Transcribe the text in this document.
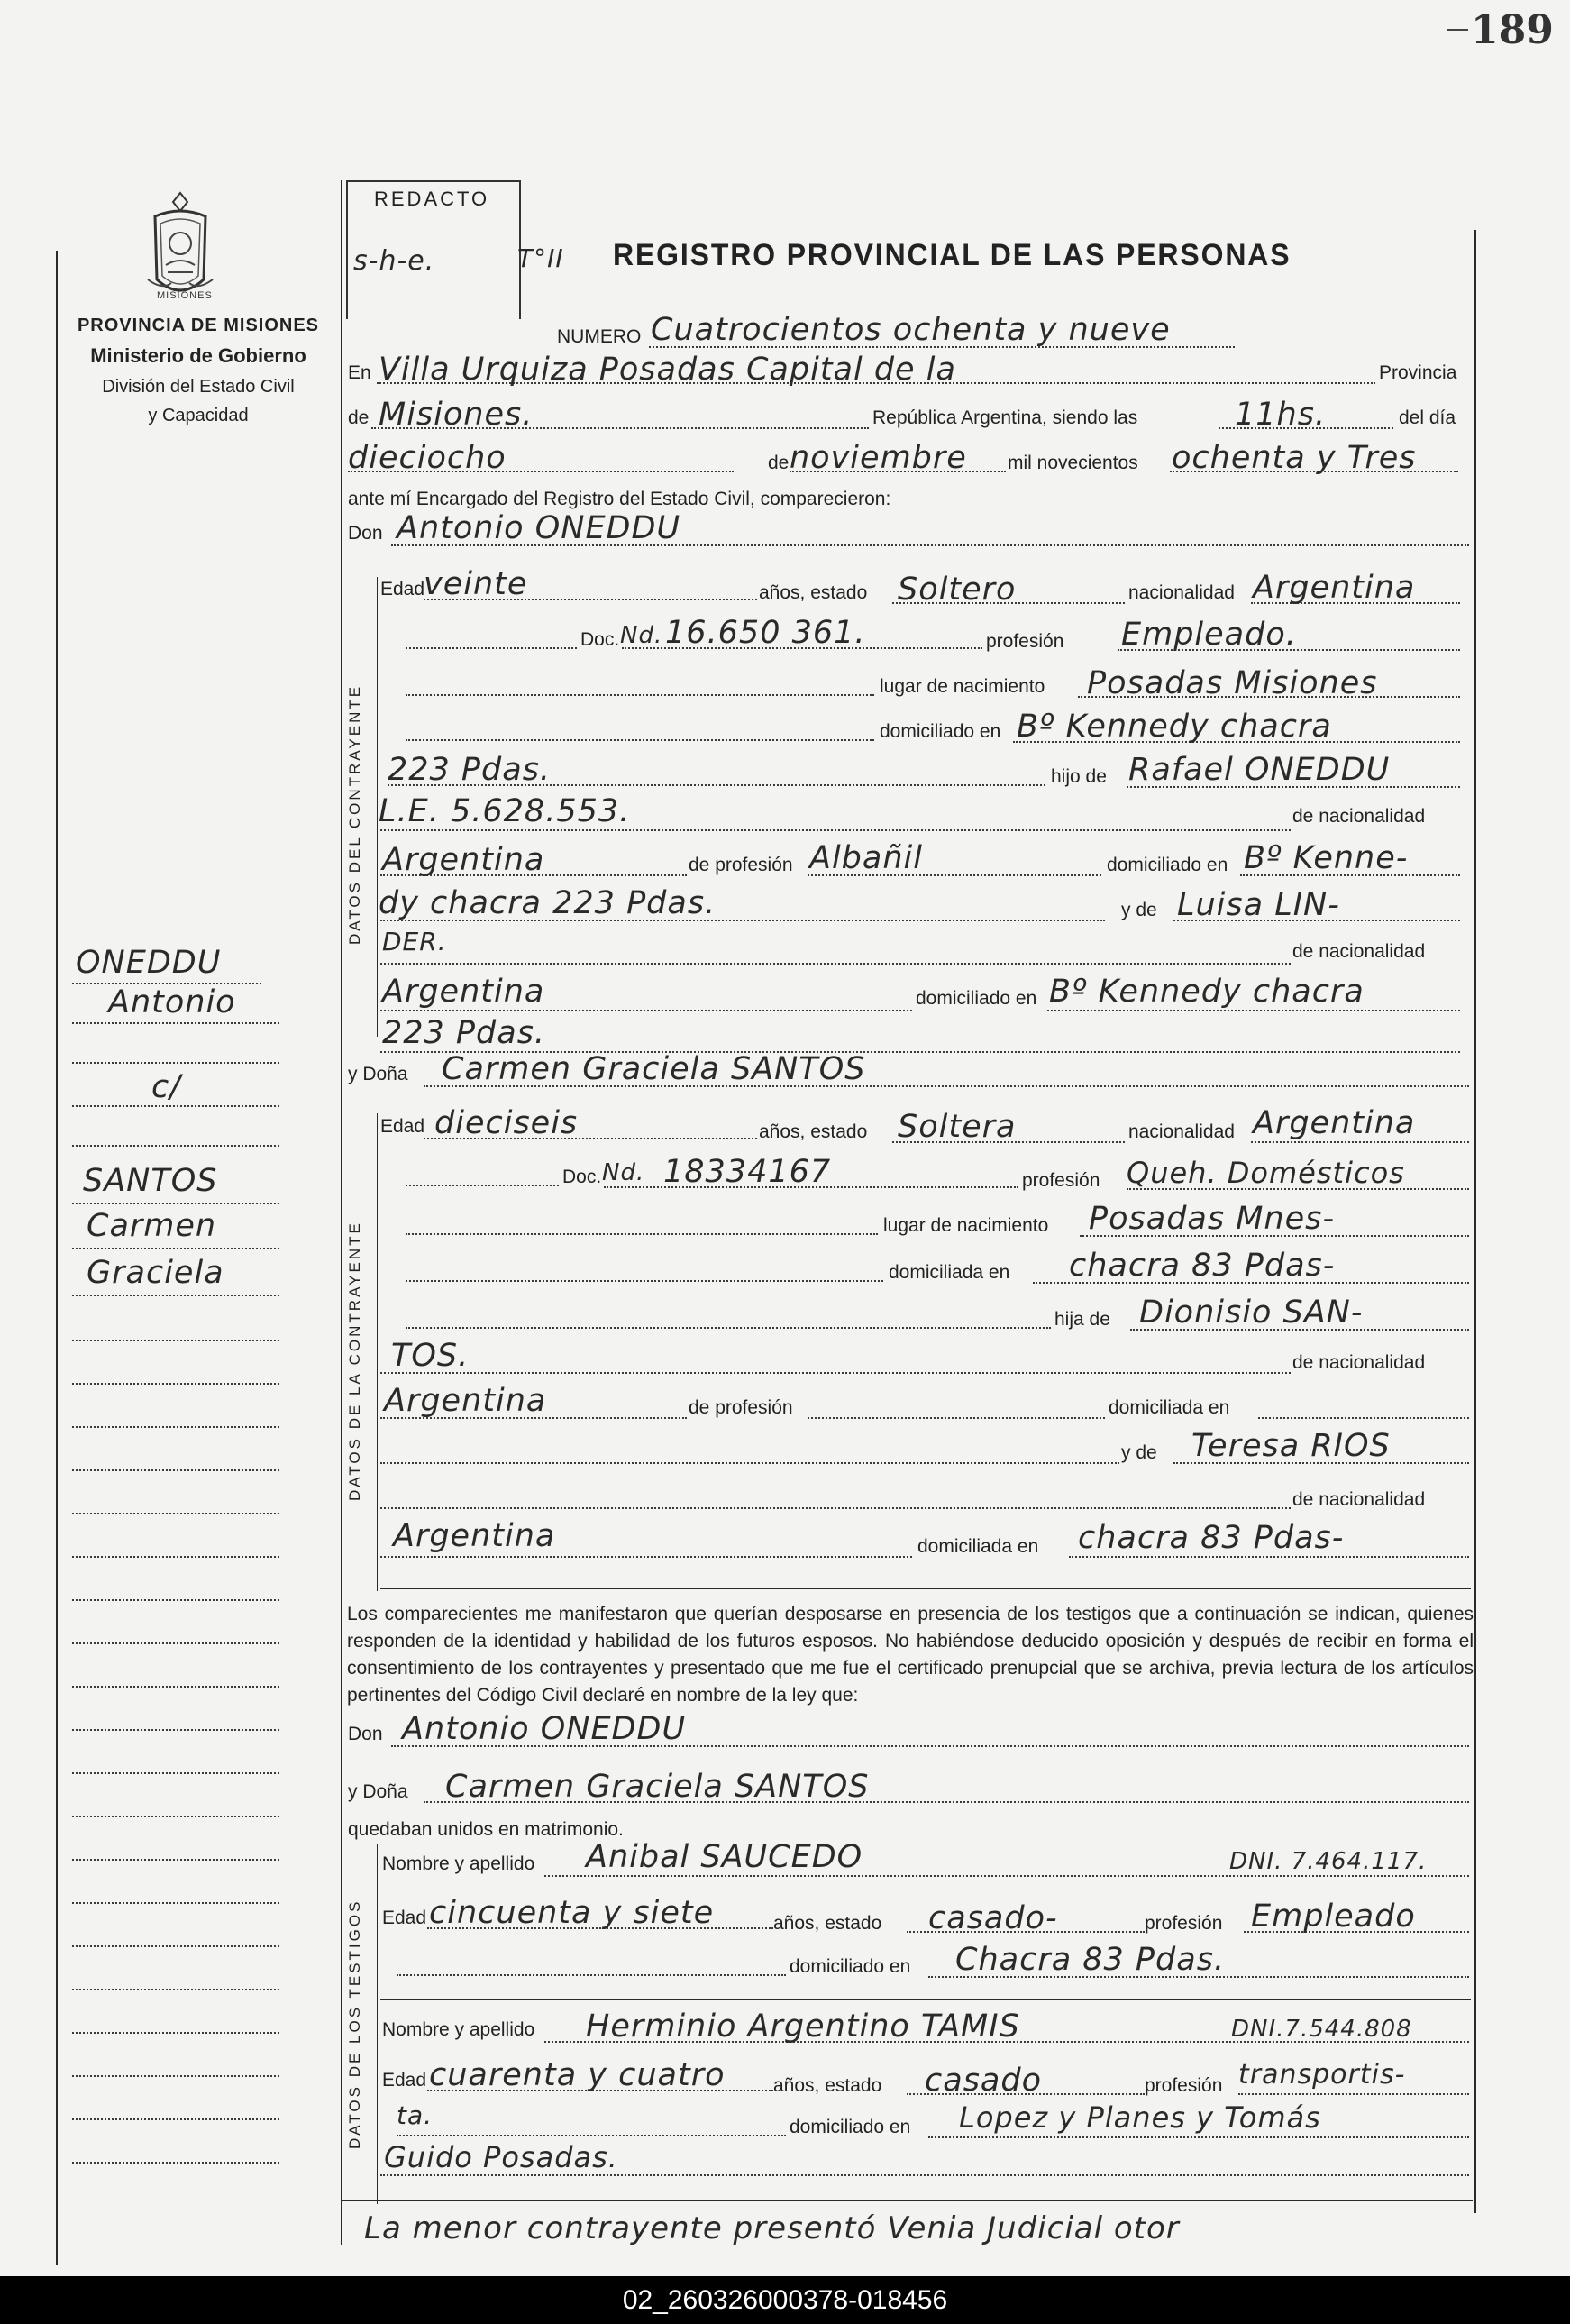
189
MISIONES
PROVINCIA DE MISIONES
Ministerio de Gobierno
División del Estado Civil
y Capacidad
REDACTO
s-h-e.	T°II REGISTRO PROVINCIAL DE LAS PERSONAS
ONEDDU
Antonio
c/
SANTOS
Carmen
Graciela
DATOS DEL CONTRAYENTE
DATOS DE LA CONTRAYENTE
DATOS DE LOS TESTIGOS
NUMERO Cuatrocientos ochenta y nueve
En Villa Urquiza Posadas Capital de la	Provincia
de Misiones.	República Argentina, siendo las	11hs.	del día
dieciocho	de noviembre mil novecientos ochenta y Tres
ante mí Encargado del Registro del Estado Civil, comparecieron:
Don Antonio ONEDDU
Edad
veinte	años, estado Soltero	nacionalidad Argentina
Doc. Nd. 16.650 361.	profesión Empleado.
lugar de nacimiento Posadas Misiones
domiciliado en Bº Kennedy chacra
223 Pdas.	hijo de Rafael ONEDDU
L.E. 5.628.553.	de nacionalidad
Argentina	de profesión Albañil	domiciliado en Bº Kenne-
dy chacra 223 Pdas.	y de Luisa LIN-
DER.	de nacionalidad
Argentina	domiciliado en Bº Kennedy chacra
223 Pdas.
y Doña Carmen Graciela SANTOS
Edad dieciseis	años, estado Soltera	nacionalidad Argentina
Doc. Nd. 18334167	profesión Queh. Domésticos
lugar de nacimiento Posadas Mnes-
domiciliada en chacra 83 Pdas-
hija de Dionisio SAN-
TOS.	de nacionalidad
Argentina	de profesión	domiciliada en
y de Teresa RIOS
de nacionalidad
Argentina	domiciliada en chacra 83 Pdas-
Los comparecientes me manifestaron que querían desposarse en presencia de los testigos que a continuación se indican, quienes responden de la identidad y habilidad de los futuros esposos. No habiéndose deducido oposición y después de recibir en forma el consentimiento de los contrayentes y presentado que me fue el certificado prenupcial que se archiva, previa lectura de los artículos pertinentes del Código Civil declaré en nombre de la ley que:
Don Antonio ONEDDU
y Doña Carmen Graciela SANTOS
quedaban unidos en matrimonio.
Nombre y apellido Anibal SAUCEDO	DNI. 7.464.117.
Edad cincuenta y siete	años, estado casado-	profesión Empleado
domiciliado en Chacra 83 Pdas.
Nombre y apellido Herminio Argentino TAMIS	DNI.7.544.808
Edad cuarenta y cuatro	años, estado casado	profesión transportis-
ta.	domiciliado en Lopez y Planes y Tomás
Guido Posadas.
La menor contrayente presentó Venia Judicial otor
02_260326000378-018456
